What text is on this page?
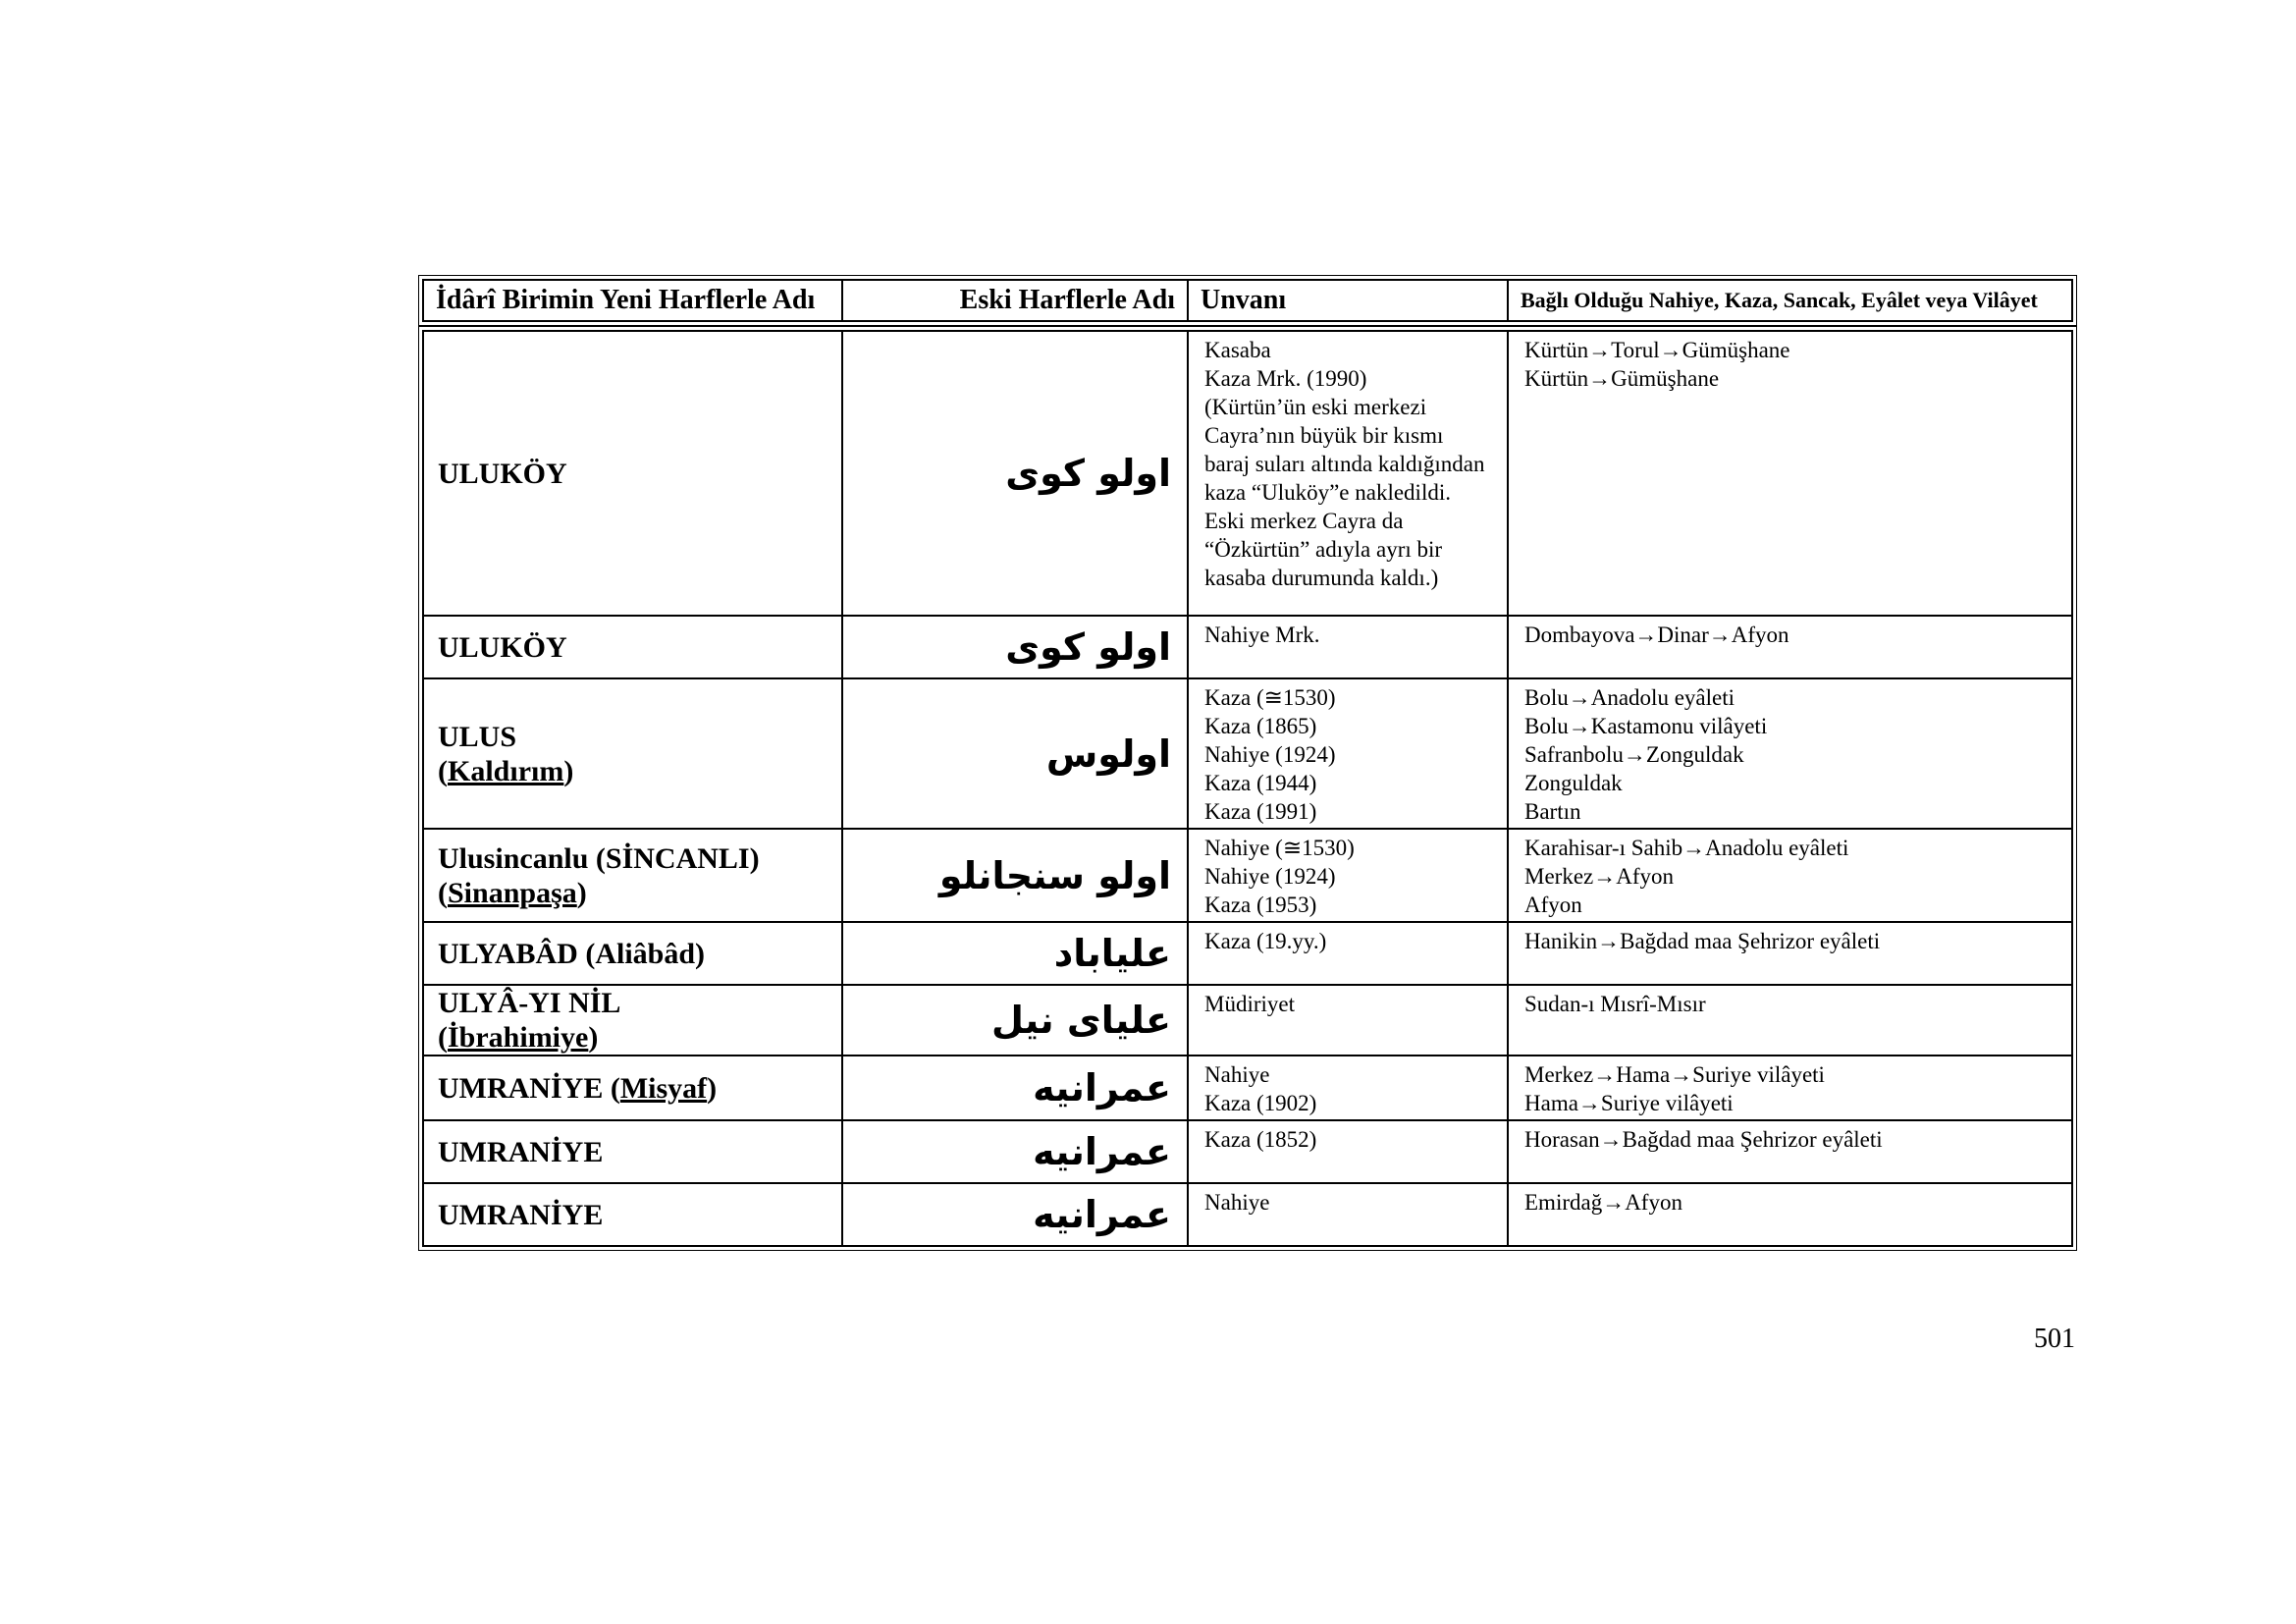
İdârî Birimin Yeni Harflerle Adı	Eski Harflerle Adı	Unvanı	Bağlı Olduğu Nahiye, Kaza, Sancak, Eyâlet veya Vilâyet
ULUKÖY	اولو كوى	Kasaba
Kaza Mrk. (1990)
(Kürtün’ün eski merkezi Cayra’nın büyük bir kısmı baraj suları altında kaldığından kaza “Uluköy”e nakledildi. Eski merkez Cayra da “Özkürtün” adıyla ayrı bir kasaba durumunda kaldı.)	Kürtün→Torul→Gümüşhane
Kürtün→Gümüşhane

ULUKÖY	اولو كوى	Nahiye Mrk.	Dombayova→Dinar→Afyon

ULUS
(Kaldırım)	اولوس	Kaza (≅1530)
Kaza (1865)
Nahiye (1924)
Kaza (1944)
Kaza (1991)	Bolu→Anadolu eyâleti
Bolu→Kastamonu vilâyeti
Safranbolu→Zonguldak
Zonguldak
Bartın

Ulusincanlu (SİNCANLI)
(Sinanpaşa)	اولو سنجانلو	Nahiye (≅1530)
Nahiye (1924)
Kaza (1953)	Karahisar-ı Sahib→Anadolu eyâleti
Merkez→Afyon
Afyon

ULYABÂD (Aliâbâd)	علياباد	Kaza (19.yy.)	Hanikin→Bağdad maa Şehrizor eyâleti

ULYÂ-YI NİL
(İbrahimiye)	علياى نيل	Müdiriyet	Sudan-ı Mısrî-Mısır

UMRANİYE (Misyaf)	عمرانيه	Nahiye
Kaza (1902)	Merkez→Hama→Suriye vilâyeti
Hama→Suriye vilâyeti

UMRANİYE	عمرانيه	Kaza (1852)	Horasan→Bağdad maa Şehrizor eyâleti

UMRANİYE	عمرانيه	Nahiye	Emirdağ→Afyon
501
